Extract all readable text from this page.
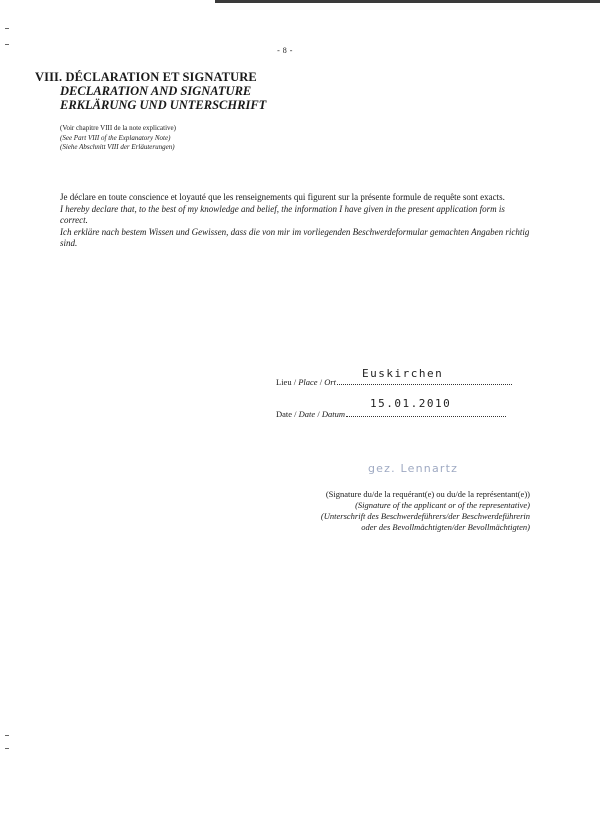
- 8 -
VIII. DÉCLARATION ET SIGNATURE
DECLARATION AND SIGNATURE
ERKLÄRUNG UND UNTERSCHRIFT
(Voir chapitre VIII de la note explicative)
(See Part VIII of the Explanatory Note)
(Siehe Abschnitt VIII der Erläuterungen)

Je déclare en toute conscience et loyauté que les renseignements qui figurent sur la présente formule de requête sont exacts.

I hereby declare that, to the best of my knowledge and belief, the information I have given in the present application form is correct.

Ich erkläre nach bestem Wissen und Gewissen, dass die von mir im vorliegenden Beschwerdeformular gemachten Angaben richtig sind.

Euskirchen
Lieu / Place / Ort
15.01.2010
Date / Date / Datum
gez. Lennartz
(Signature du/de la requérant(e) ou du/de la représentant(e))
(Signature of the applicant or of the representative)
(Unterschrift des Beschwerdeführers/der Beschwerdeführerin
oder des Bevollmächtigten/der Bevollmächtigten)
